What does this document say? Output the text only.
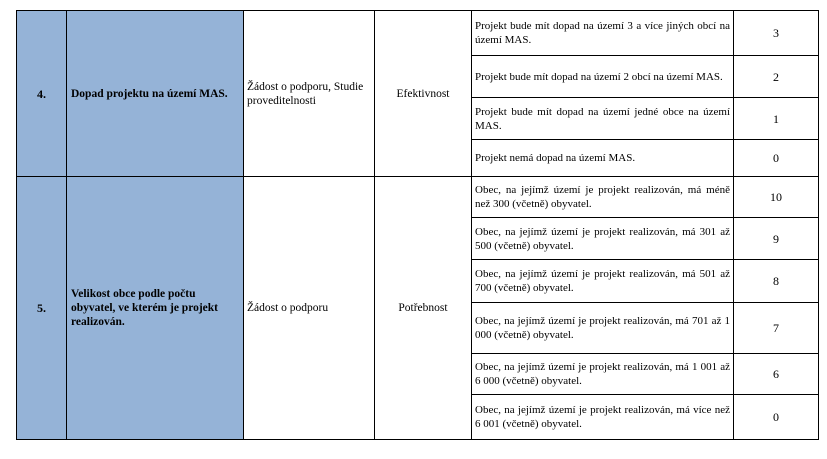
4.	Dopad projektu na území MAS.	Žádost o podporu, Studie proveditelnosti	Efektivnost	Projekt bude mít dopad na území 3 a více jiných obcí na území MAS.	3
				Projekt bude mít dopad na území 2 obcí na území MAS.	2
				Projekt bude mít dopad na území jedné obce na území MAS.	1
				Projekt nemá dopad na území MAS.	0
5.	Velikost obce podle počtu obyvatel, ve kterém je projekt realizován.	Žádost o podporu	Potřebnost	Obec, na jejímž území je projekt realizován, má méně než 300 (včetně) obyvatel.	10
				Obec, na jejímž území je projekt realizován, má 301 až 500 (včetně) obyvatel.	9
				Obec, na jejímž území je projekt realizován, má 501 až 700 (včetně) obyvatel.	8
				Obec, na jejímž území je projekt realizován, má 701 až 1 000 (včetně) obyvatel.	7
				Obec, na jejímž území je projekt realizován, má 1 001 až 6 000 (včetně) obyvatel.	6
				Obec, na jejímž území je projekt realizován, má více než 6 001 (včetně) obyvatel.	0
